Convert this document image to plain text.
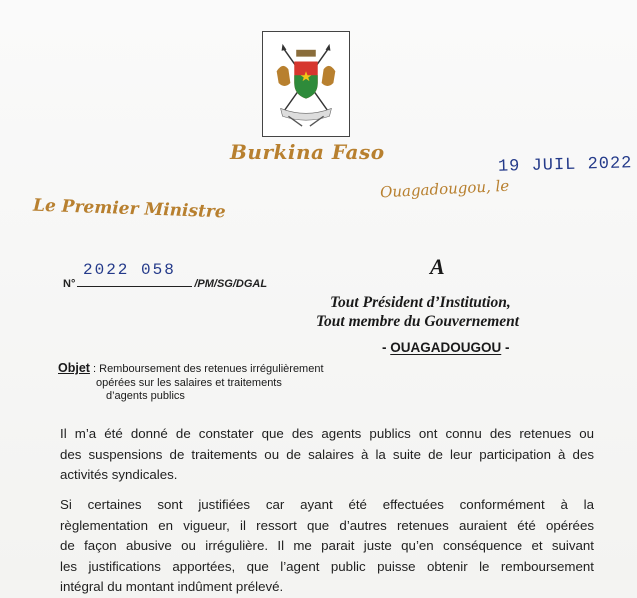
Burkina Faso
19 JUIL 2022
Ouagadougou, le
Le Premier Ministre
N°	/PM/SG/DGAL
2022 058	A
Tout Président d’Institution,
Tout membre du Gouvernement
- OUAGADOUGOU -
Objet : Remboursement des retenues irrégulièrement
opérées sur les salaires et traitements
d’agents publics
Il m’a été donné de constater que des agents publics ont connu des retenues ou
des suspensions de traitements ou de salaires à la suite de leur participation à des
activités syndicales.
Si certaines sont justifiées car ayant été effectuées conformément à la
règlementation en vigueur, il ressort que d’autres retenues auraient été opérées
de façon abusive ou irrégulière. Il me parait juste qu’en conséquence et suivant
les justifications apportées, que l’agent public puisse obtenir le remboursement
intégral du montant indûment prélevé.
